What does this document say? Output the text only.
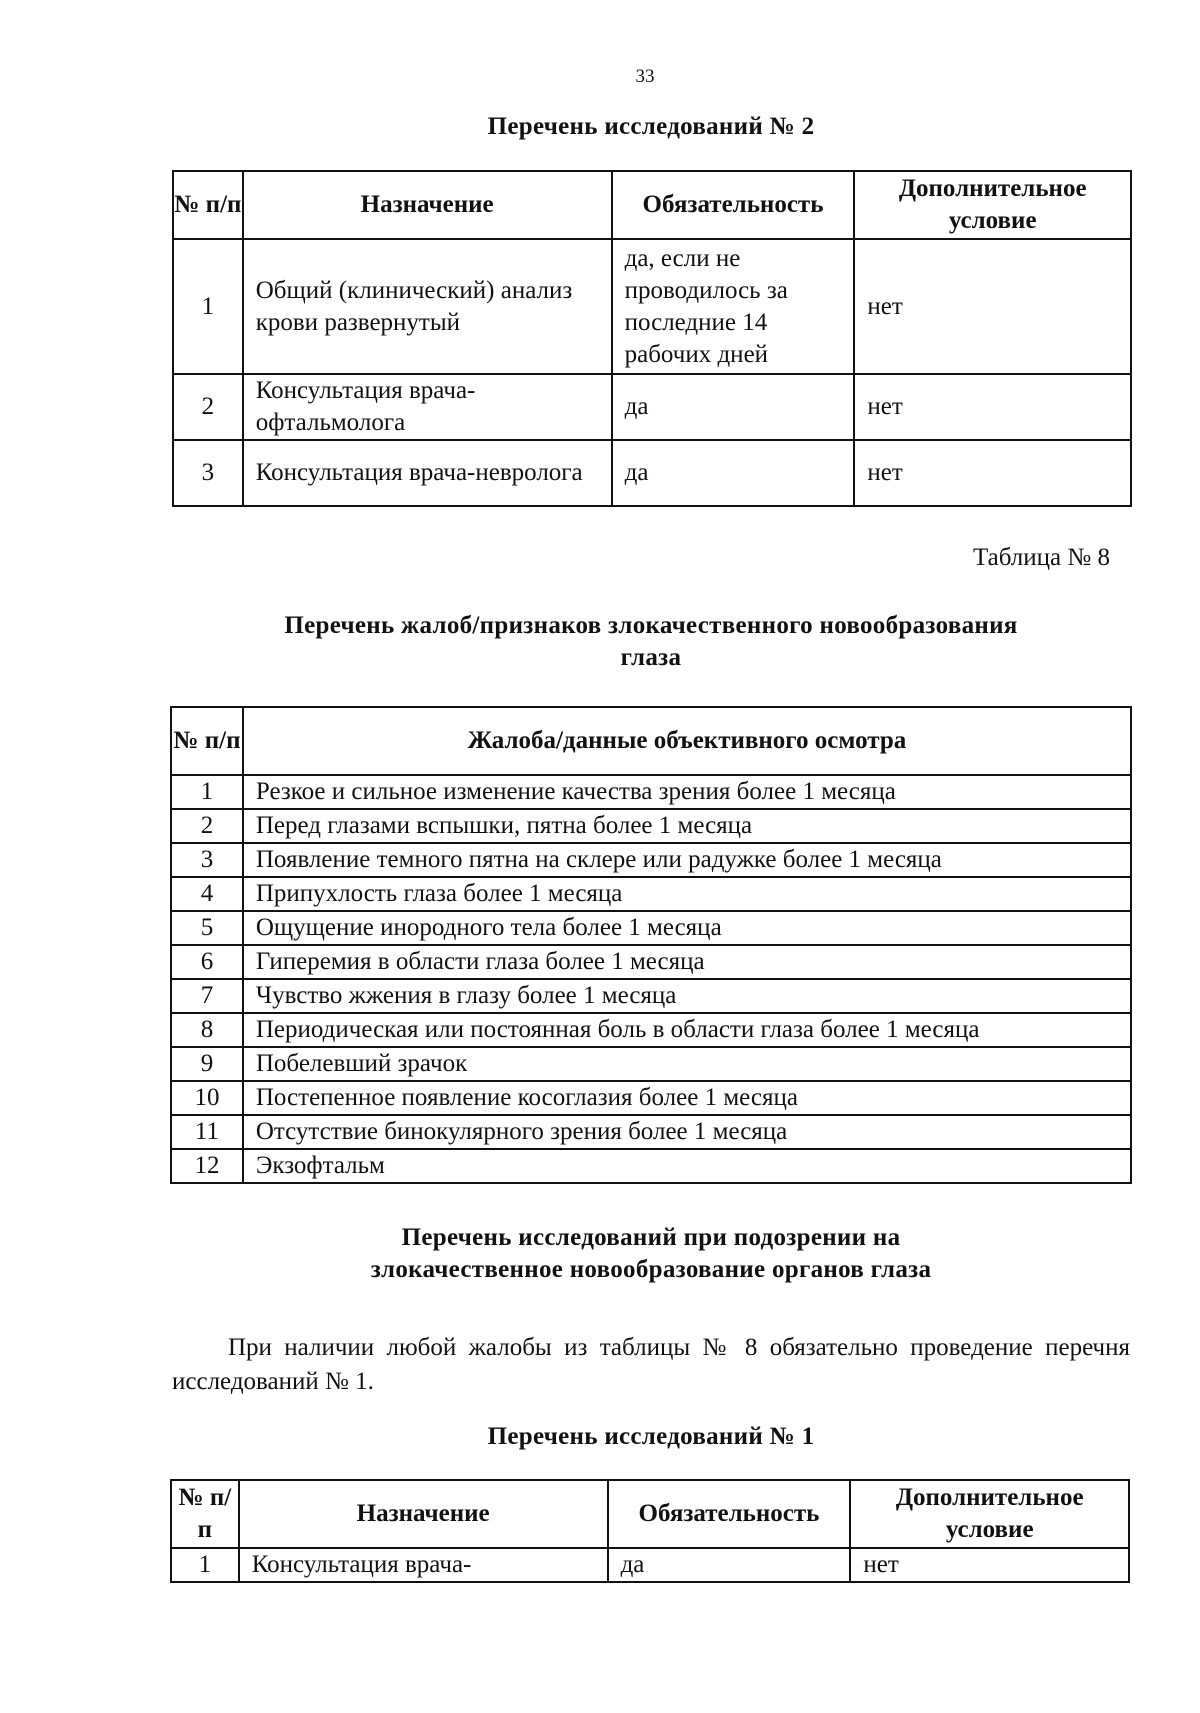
33
Перечень исследований № 2
№ п/п	Назначение	Обязательность	Дополнительное условие
1	Общий (клинический) анализ крови развернутый	да, если не проводилось за последние 14 рабочих дней	нет
2	Консультация врача-офтальмолога	да	нет
3	Консультация врача-невролога	да	нет
Таблица № 8
Перечень жалоб/признаков злокачественного новообразования
глаза
№ п/п	Жалоба/данные объективного осмотра
1	Резкое и сильное изменение качества зрения более 1 месяца
2	Перед глазами вспышки, пятна более 1 месяца
3	Появление темного пятна на склере или радужке более 1 месяца
4	Припухлость глаза более 1 месяца
5	Ощущение инородного тела более 1 месяца
6	Гиперемия в области глаза более 1 месяца
7	Чувство жжения в глазу более 1 месяца
8	Периодическая или постоянная боль в области глаза более 1 месяца
9	Побелевший зрачок
10	Постепенное появление косоглазия более 1 месяца
11	Отсутствие бинокулярного зрения более 1 месяца
12	Экзофтальм
Перечень исследований при подозрении на
злокачественное новообразование органов глаза

При наличии любой жалобы из таблицы № 8 обязательно проведение перечня исследований № 1.

Перечень исследований № 1
№ п/п	Назначение	Обязательность	Дополнительное условие
1	Консультация врача-	да	нет
